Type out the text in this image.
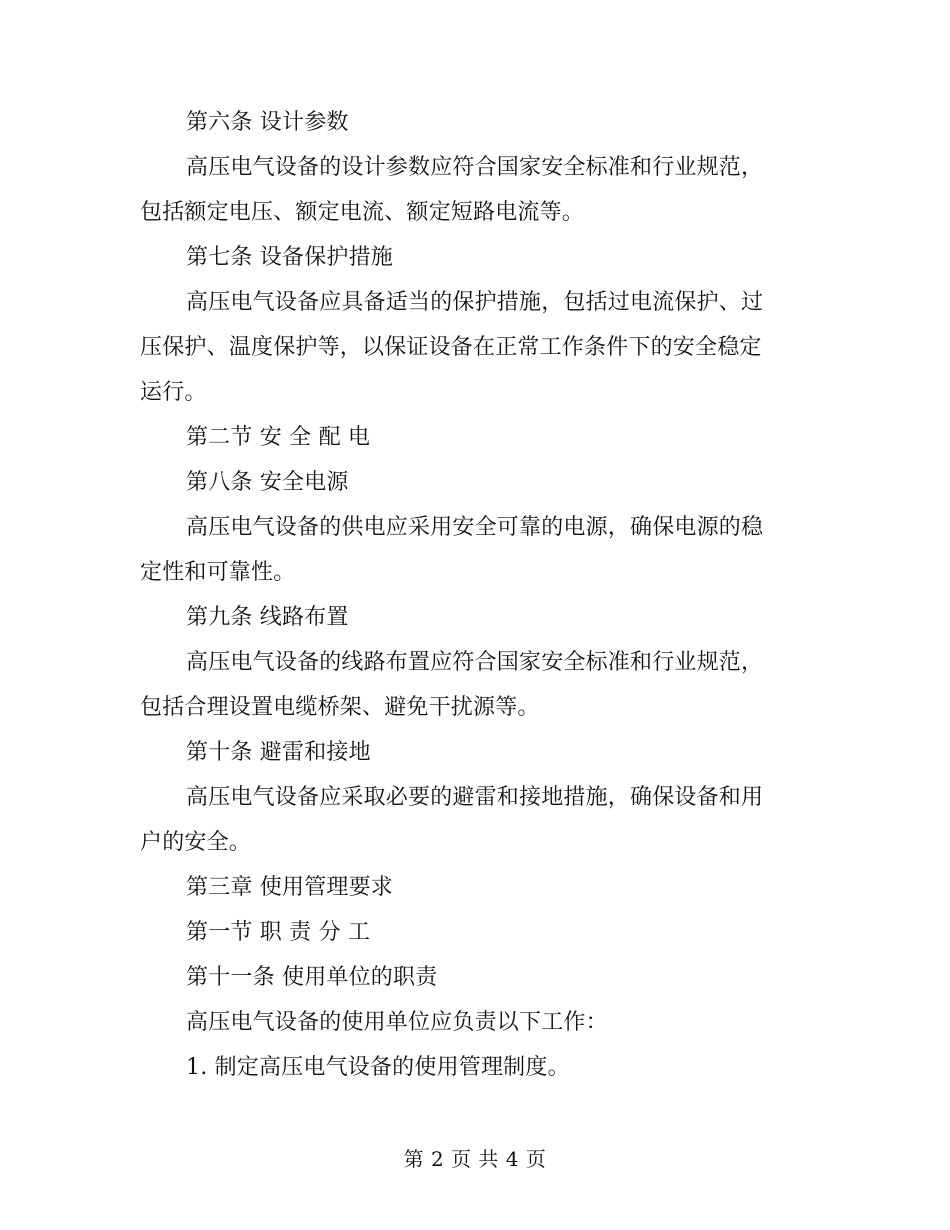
第六条 设计参数
高压电气设备的设计参数应符合国家安全标准和行业规范，
包括额定电压、额定电流、额定短路电流等。
第七条 设备保护措施
高压电气设备应具备适当的保护措施，包括过电流保护、过
压保护、温度保护等，以保证设备在正常工作条件下的安全稳定
运行。
第二节 安 全 配 电
第八条 安全电源
高压电气设备的供电应采用安全可靠的电源，确保电源的稳
定性和可靠性。
第九条 线路布置
高压电气设备的线路布置应符合国家安全标准和行业规范，
包括合理设置电缆桥架、避免干扰源等。
第十条 避雷和接地
高压电气设备应采取必要的避雷和接地措施，确保设备和用
户的安全。
第三章 使用管理要求
第一节 职 责 分 工
第十一条 使用单位的职责
高压电气设备的使用单位应负责以下工作：
1. 制定高压电气设备的使用管理制度。
第 2 页 共 4 页
